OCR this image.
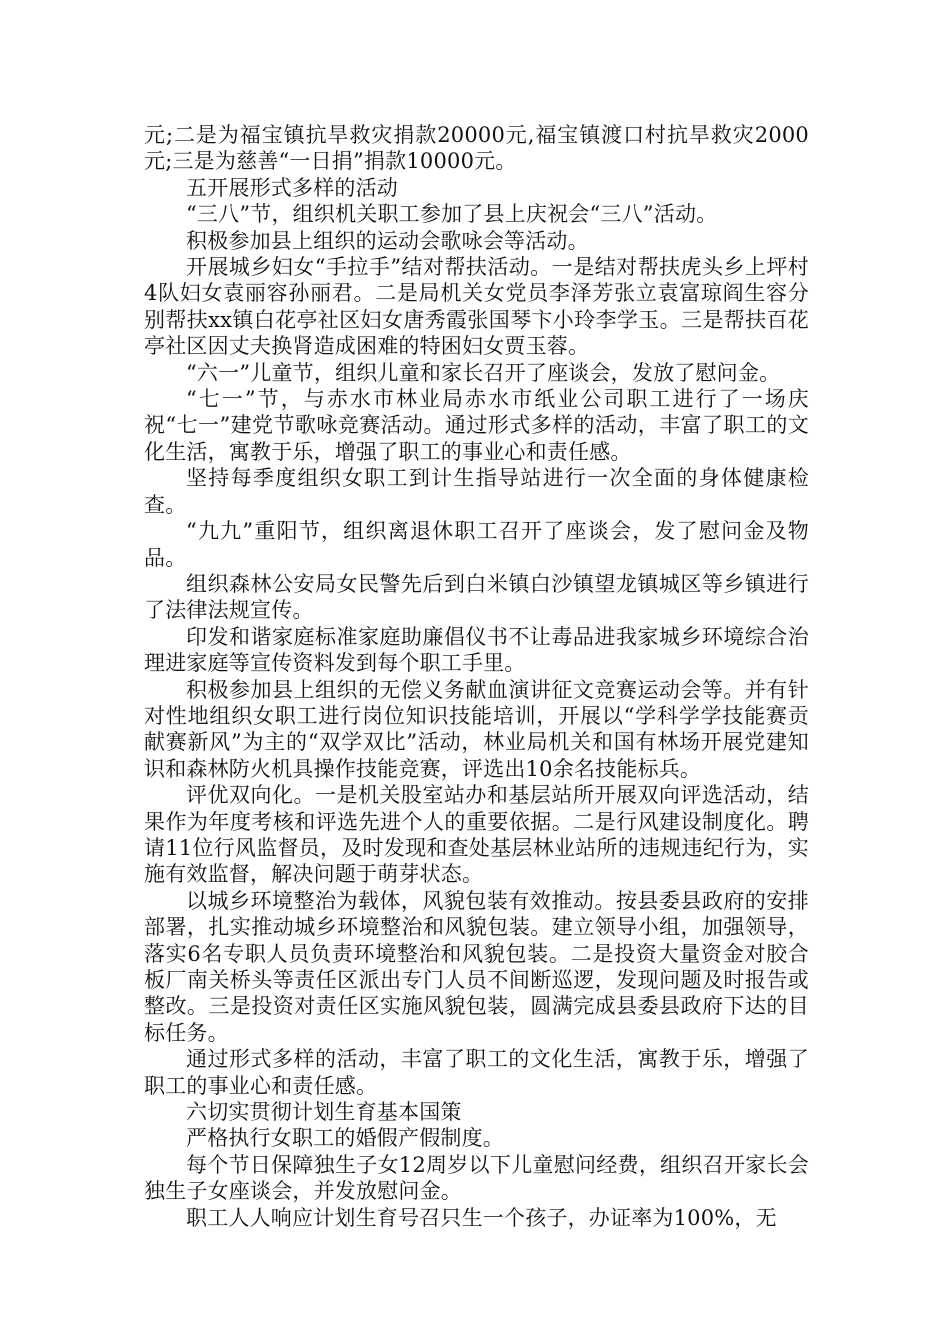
元;二是为福宝镇抗旱救灾捐款20000元,福宝镇渡口村抗旱救灾2000元;三是为慈善“一日捐”捐款10000元。

五开展形式多样的活动

“三八”节，组织机关职工参加了县上庆祝会“三八”活动。

积极参加县上组织的运动会歌咏会等活动。

开展城乡妇女“手拉手”结对帮扶活动。一是结对帮扶虎头乡上坪村4队妇女袁丽容孙丽君。二是局机关女党员李泽芳张立袁富琼阎生容分别帮扶xx镇白花亭社区妇女唐秀霞张国琴卞小玲李学玉。三是帮扶百花亭社区因丈夫换肾造成困难的特困妇女贾玉蓉。

“六一”儿童节，组织儿童和家长召开了座谈会，发放了慰问金。

“七一”节，与赤水市林业局赤水市纸业公司职工进行了一场庆祝“七一”建党节歌咏竞赛活动。通过形式多样的活动，丰富了职工的文化生活，寓教于乐，增强了职工的事业心和责任感。

坚持每季度组织女职工到计生指导站进行一次全面的身体健康检查。

“九九”重阳节，组织离退休职工召开了座谈会，发了慰问金及物品。

组织森林公安局女民警先后到白米镇白沙镇望龙镇城区等乡镇进行了法律法规宣传。

印发和谐家庭标准家庭助廉倡仪书不让毒品进我家城乡环境综合治理进家庭等宣传资料发到每个职工手里。

积极参加县上组织的无偿义务献血演讲征文竞赛运动会等。并有针对性地组织女职工进行岗位知识技能培训，开展以“学科学学技能赛贡献赛新风”为主的“双学双比”活动，林业局机关和国有林场开展党建知识和森林防火机具操作技能竞赛，评选出10余名技能标兵。

评优双向化。一是机关股室站办和基层站所开展双向评选活动，结果作为年度考核和评选先进个人的重要依据。二是行风建设制度化。聘请11位行风监督员，及时发现和查处基层林业站所的违规违纪行为，实施有效监督，解决问题于萌芽状态。

以城乡环境整治为载体，风貌包装有效推动。按县委县政府的安排部署，扎实推动城乡环境整治和风貌包装。建立领导小组，加强领导，落实6名专职人员负责环境整治和风貌包装。二是投资大量资金对胶合板厂南关桥头等责任区派出专门人员不间断巡逻，发现问题及时报告或整改。三是投资对责任区实施风貌包装，圆满完成县委县政府下达的目标任务。

通过形式多样的活动，丰富了职工的文化生活，寓教于乐，增强了职工的事业心和责任感。

六切实贯彻计划生育基本国策

严格执行女职工的婚假产假制度。

每个节日保障独生子女12周岁以下儿童慰问经费，组织召开家长会独生子女座谈会，并发放慰问金。

职工人人响应计划生育号召只生一个孩子，办证率为100%，无
